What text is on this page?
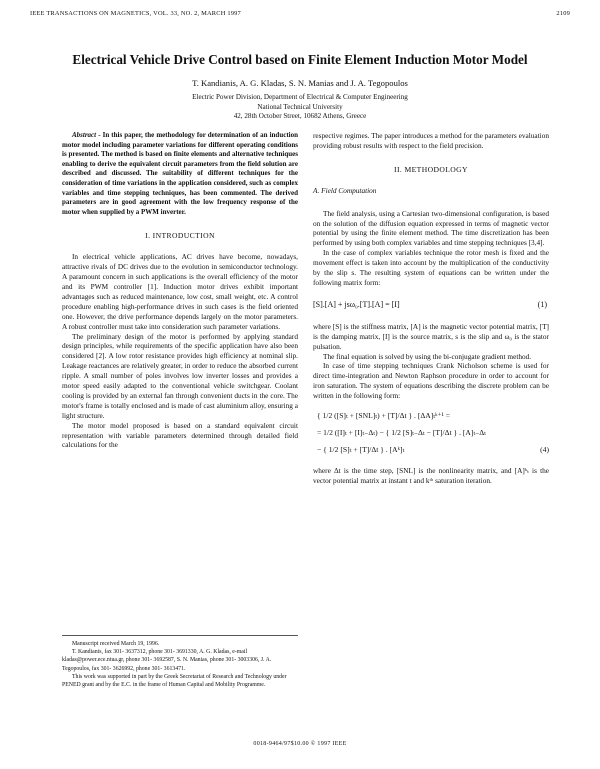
IEEE TRANSACTIONS ON MAGNETICS, VOL. 33, NO. 2, MARCH 1997	2109
Electrical Vehicle Drive Control based on Finite Element Induction Motor Model
T. Kandianis, A. G. Kladas, S. N. Manias and J. A. Tegopoulos
Electric Power Division, Department of Electrical & Computer Engineering
National Technical University
42, 28th October Street, 10682 Athens, Greece

Abstract - In this paper, the methodology for determination of an induction motor model including parameter variations for different operating conditions is presented. The method is based on finite elements and alternative techniques enabling to derive the equivalent circuit parameters from the field solution are described and discussed. The suitability of different techniques for the consideration of time variations in the application considered, such as complex variables and time stepping techniques, has been commented. The derived parameters are in good agreement with the low frequency response of the motor when supplied by a PWM inverter.

I. INTRODUCTION

In electrical vehicle applications, AC drives have become, nowadays, attractive rivals of DC drives due to the evolution in semiconductor technology. A paramount concern in such applications is the overall efficiency of the motor and its PWM controller [1]. Induction motor drives exhibit important advantages such as reduced maintenance, low cost, small weight, etc. A control procedure enabling high-performance drives in such cases is the field oriented one. However, the drive performance depends largely on the motor parameters. A robust controller must take into consideration such parameter variations.

The preliminary design of the motor is performed by applying standard design principles, while requirements of the specific application have also been considered [2]. A low rotor resistance provides high efficiency at nominal slip. Leakage reactances are relatively greater, in order to reduce the absorbed current ripple. A small number of poles involves low inverter losses and provides a motor speed easily adapted to the conventional vehicle switchgear. Coolant cooling is provided by an external fan through convenient ducts in the core. The motor's frame is totally enclosed and is made of cast aluminium alloy, ensuring a light structure.

The motor model proposed is based on a standard equivalent circuit representation with variable parameters determined through detailed field calculations for the

Manuscript received March 19, 1996.

T. Kandianis, fax 301- 3637312, phone 301- 3691330, A. G. Kladas, e-mail kladas@power.ece.ntua.gr, phone 301- 3692587, S. N. Manias, phone 301- 3003306, J. A. Tegopoulos, fax 301- 3626992, phone 301- 3613471.

This work was supported in part by the Greek Secretariat of Research and Technology under PENED grant and by the E.C. in the frame of Human Capital and Mobility Programme.

respective regimes. The paper introduces a method for the parameters evaluation providing robust results with respect to the field precision.

II. METHODOLOGY
A. Field Computation

The field analysis, using a Cartesian two-dimensional configuration, is based on the solution of the diffusion equation expressed in terms of magnetic vector potential by using the finite element method. The time discretization has been performed by using both complex variables and time stepping techniques [3,4].

In the case of complex variables technique the rotor mesh is fixed and the movement effect is taken into account by the multiplication of the conductivity by the slip s. The resulting system of equations can be written under the following matrix form:

[S].[A] + jsω₀.[T].[A] = [I]	(1)

where [S] is the stiffness matrix, [A] is the magnetic vector potential matrix, [T] is the damping matrix, [I] is the source matrix, s is the slip and ω₀ is the stator pulsation.

The final equation is solved by using the bi-conjugate gradient method.

In case of time stepping techniques Crank Nicholson scheme is used for direct time-integration and Newton Raphson procedure in order to account for iron saturation. The system of equations describing the discrete problem can be written in the following form:

{ 1/2 ([S]ₜ + [SNL]ₜ) + [T]/Δt } . [ΔA]ₜᵏ⁺¹ =
= 1/2 ([I]ₜ + [I]ₜ₋Δₜ) − { 1/2 [S]ₜ₋Δₜ − [T]/Δt } . [A]ₜ₋Δₜ
− { 1/2 [S]ₜ + [T]/Δt } . [Aᵏ]ₜ	(4)

where Δt is the time step, [SNL] is the nonlinearity matrix, and [A]ᵏₜ is the vector potential matrix at instant t and kᵗʰ saturation iteration.

0018-9464/97$10.00 © 1997 IEEE
